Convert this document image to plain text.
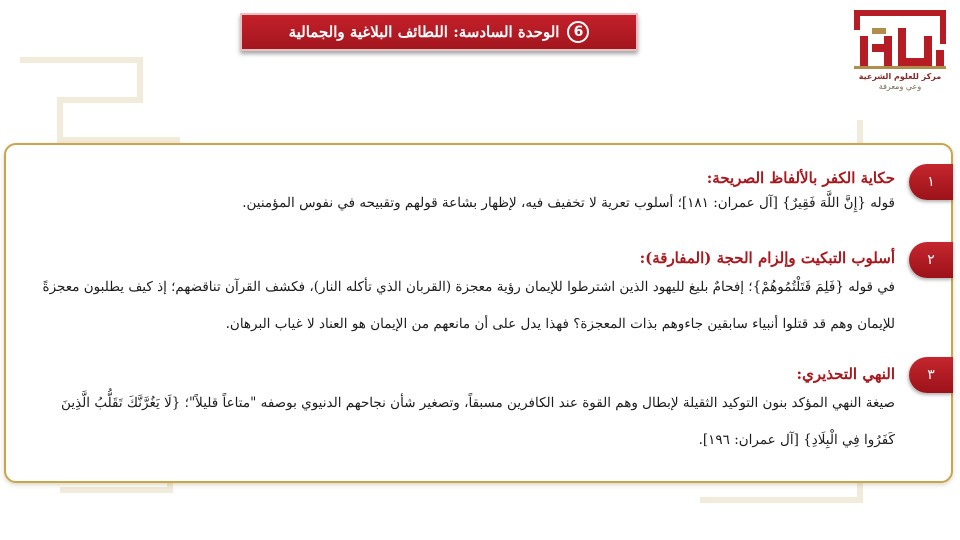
6
الوحدة السادسة: اللطائف البلاغية والجمالية
مركز للعلوم الشرعية
وعي ومعرفة
حكاية الكفر بالألفاظ الصريحة:

قوله {إِنَّ اللَّهَ فَقِيرٌ} [آل عمران: ١٨١]؛ أسلوب تعرية لا تخفيف فيه، لإظهار بشاعة قولهم وتقبيحه في نفوس المؤمنين.

أسلوب التبكيت وإلزام الحجة (المفارقة):

في قوله {فَلِمَ قَتَلْتُمُوهُمْ}؛ إفحامٌ بليغ لليهود الذين اشترطوا للإيمان رؤية معجزة (القربان الذي تأكله النار)، فكشف القرآن تناقضهم؛ إذ كيف يطلبون معجزةً للإيمان وهم قد قتلوا أنبياء سابقين جاءوهم بذات المعجزة؟ فهذا يدل على أن مانعهم من الإيمان هو العناد لا غياب البرهان.

النهي التحذيري:

صيغة النهي المؤكد بنون التوكيد الثقيلة لإبطال وهم القوة عند الكافرين مسبقاً، وتصغير شأن نجاحهم الدنيوي بوصفه "متاعاً قليلاً"؛ {لَا يَغُرَّنَّكَ تَقَلُّبُ الَّذِينَ كَفَرُوا فِي الْبِلَادِ} [آل عمران: ١٩٦].

١
٢
٣
